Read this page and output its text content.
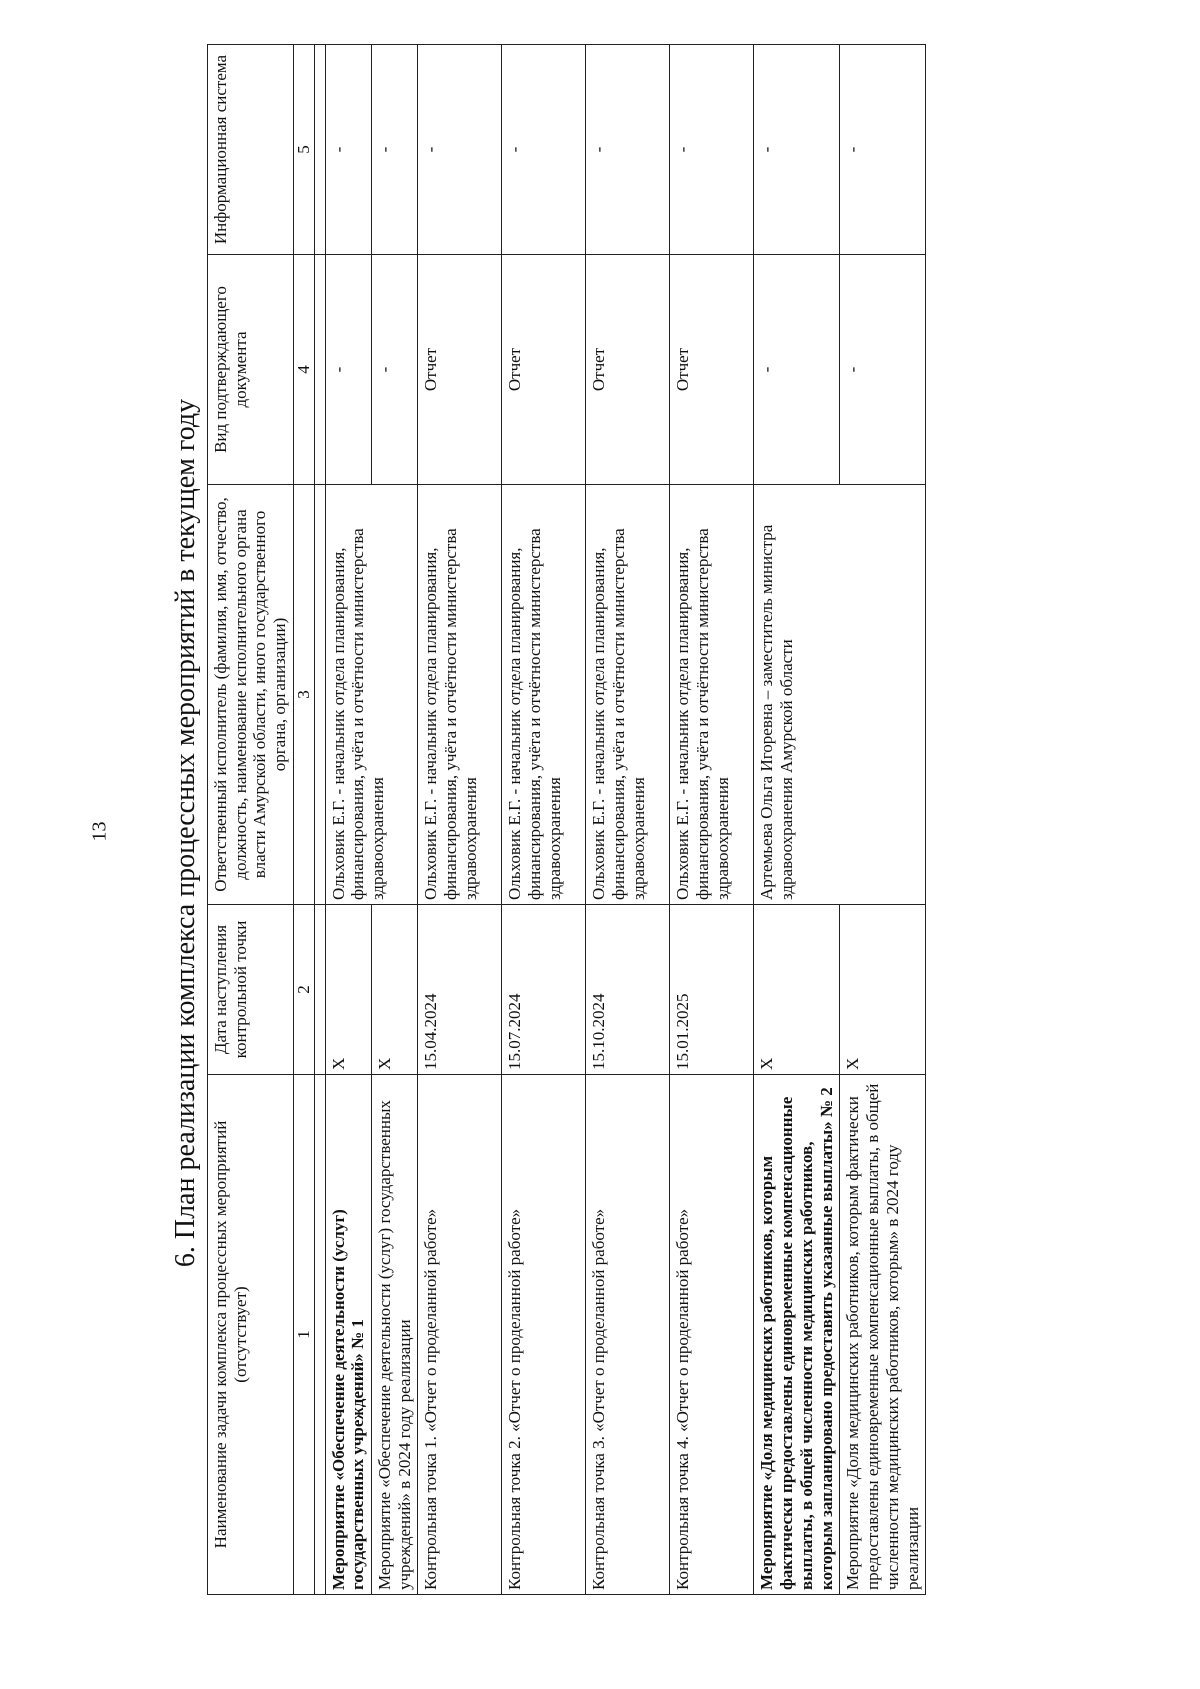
13 6. План реализации комплекса процессных мероприятий в текущем году
Наименование задачи комплекса процессных мероприятий (отсутствует)	Дата наступления контрольной точки	Ответственный исполнитель (фамилия, имя, отчество, должность, наименование исполнительного органа власти Амурской области, иного государственного органа, организации)	Вид подтверждающего документа	Информационная система
1	2	3	4	5

Мероприятие «Обеспечение деятельности (услуг) государственных учреждений» № 1	Х	Ольховик Е.Г. - начальник отдела планирования, финансирования, учёта и отчётности министерства здравоохранения	-	-
Мероприятие «Обеспечение деятельности (услуг) государственных учреждений» в 2024 году реализации	Х		-	-
Контрольная точка 1. «Отчет о проделанной работе»	15.04.2024	Ольховик Е.Г. - начальник отдела планирования, финансирования, учёта и отчётности министерства здравоохранения	Отчет	-
Контрольная точка 2. «Отчет о проделанной работе»	15.07.2024	Ольховик Е.Г. - начальник отдела планирования, финансирования, учёта и отчётности министерства здравоохранения	Отчет	-
Контрольная точка 3. «Отчет о проделанной работе»	15.10.2024	Ольховик Е.Г. - начальник отдела планирования, финансирования, учёта и отчётности министерства здравоохранения	Отчет	-
Контрольная точка 4. «Отчет о проделанной работе»	15.01.2025	Ольховик Е.Г. - начальник отдела планирования, финансирования, учёта и отчётности министерства здравоохранения	Отчет	-
Мероприятие «Доля медицинских работников, которым фактически предоставлены единовременные компенсационные выплаты, в общей численности медицинских работников, которым запланировано предоставить указанные выплаты» № 2	Х	Артемьева Ольга Игоревна – заместитель министра здравоохранения Амурской области	-	-
Мероприятие «Доля медицинских работников, которым фактически предоставлены единовременные компенсационные выплаты, в общей численности медицинских работников, которым» в 2024 году реализации	Х		-	-
